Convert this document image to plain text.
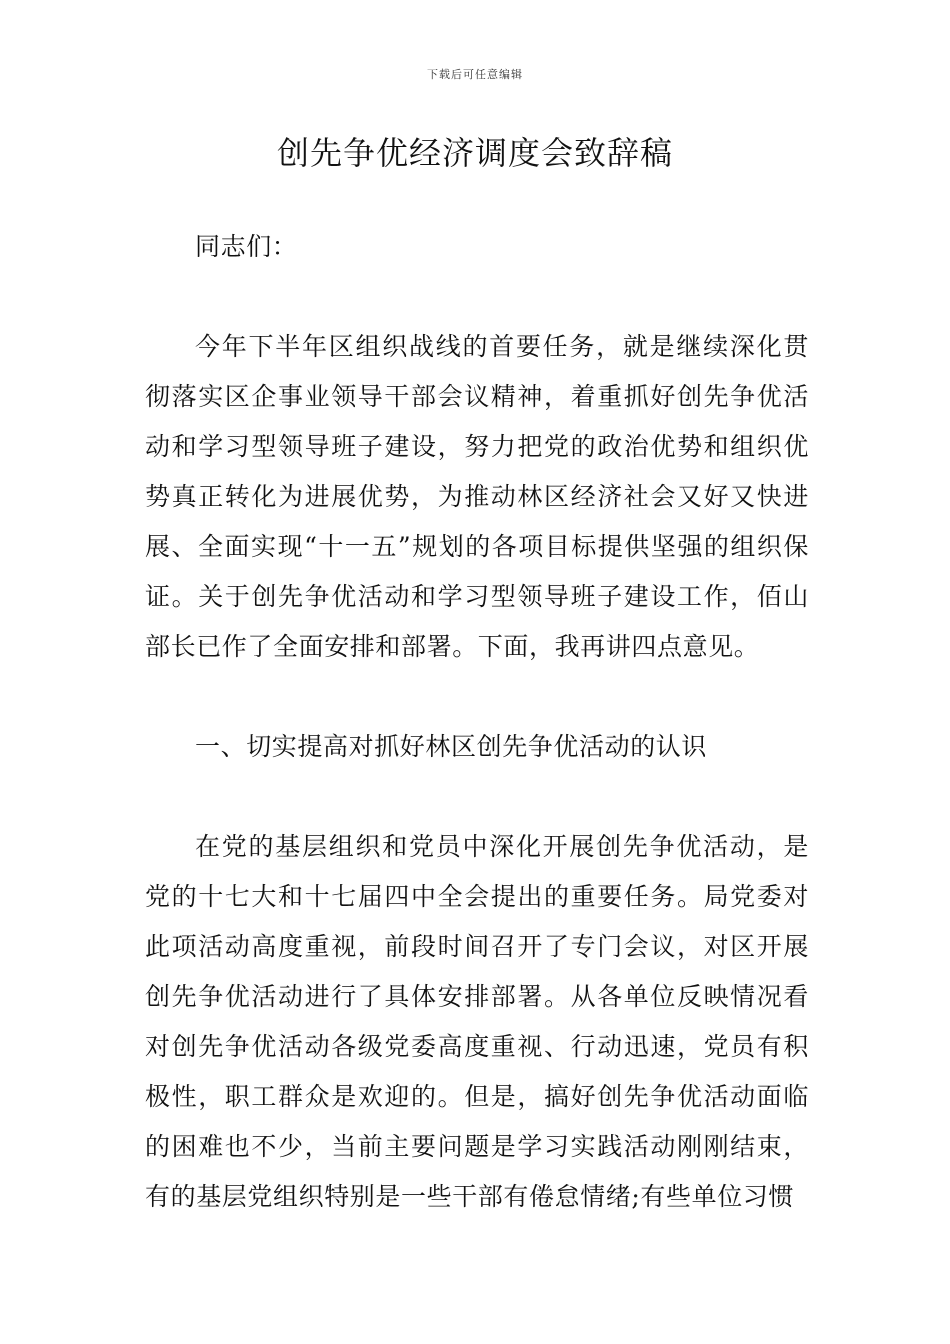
下载后可任意编辑
创先争优经济调度会致辞稿

同志们：

今年下半年区组织战线的首要任务，就是继续深化贯彻落实区企事业领导干部会议精神，着重抓好创先争优活动和学习型领导班子建设，努力把党的政治优势和组织优势真正转化为进展优势，为推动林区经济社会又好又快进展、全面实现“十一五”规划的各项目标提供坚强的组织保证。关于创先争优活动和学习型领导班子建设工作，佰山部长已作了全面安排和部署。下面，我再讲四点意见。

一、切实提高对抓好林区创先争优活动的认识

在党的基层组织和党员中深化开展创先争优活动，是党的十七大和十七届四中全会提出的重要任务。局党委对此项活动高度重视，前段时间召开了专门会议，对区开展创先争优活动进行了具体安排部署。从各单位反映情况看对创先争优活动各级党委高度重视、行动迅速，党员有积极性，职工群众是欢迎的。但是，搞好创先争优活动面临的困难也不少，当前主要问题是学习实践活动刚刚结束，有的基层党组织特别是一些干部有倦怠情绪;有些单位习惯
